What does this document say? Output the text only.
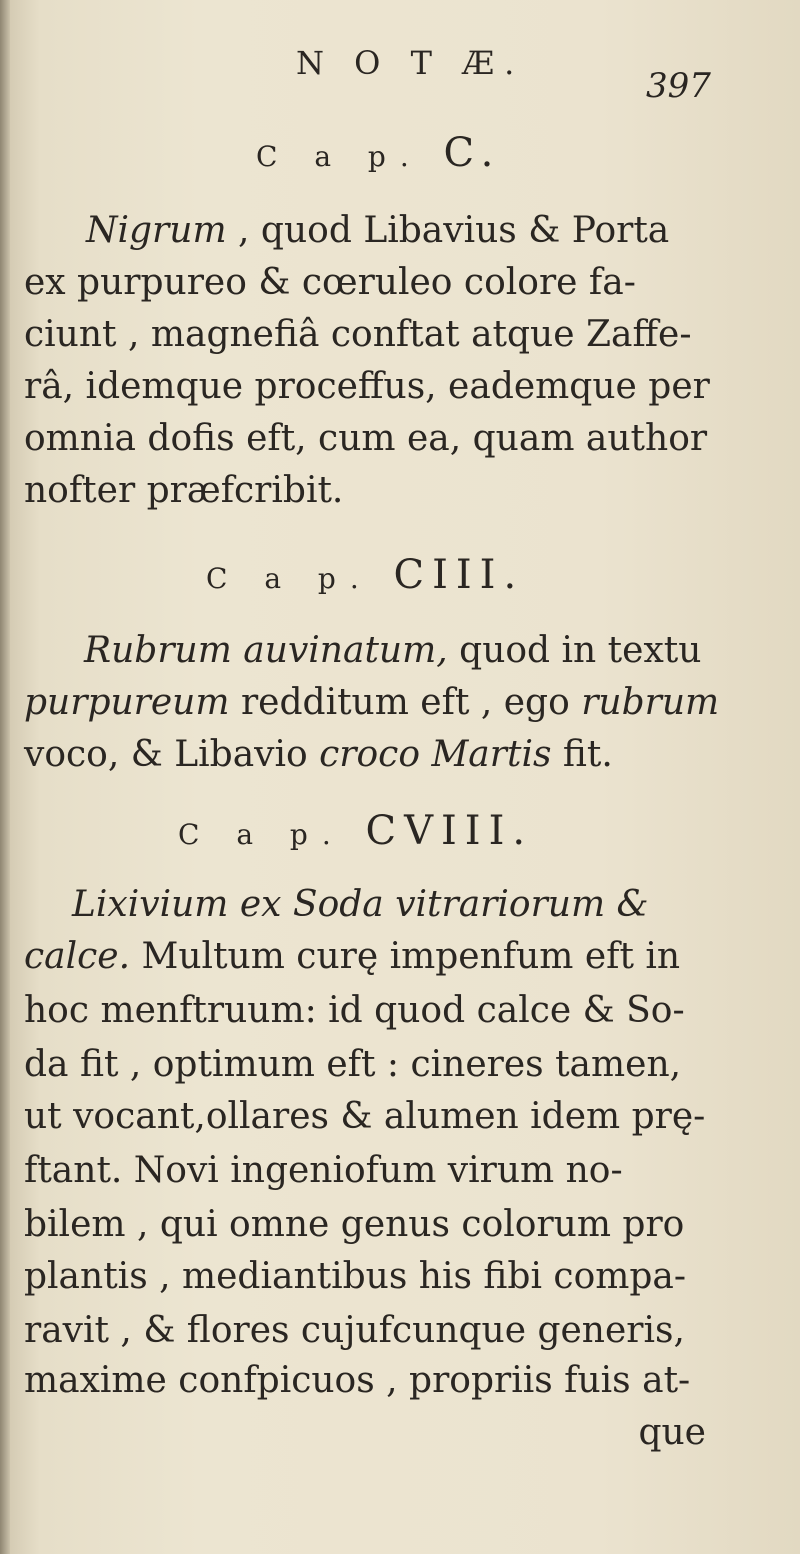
N O T Æ.
397
C a p. C.
Nigrum , quod Libavius & Porta
ex purpureo & cœruleo colore fa-
ciunt , magnefiâ conftat atque Zaffe-
râ, idemque proceffus, eademque per
omnia dofis eft, cum ea, quam author
nofter præfcribit.
C a p. CIII.
Rubrum auvinatum, quod in textu
purpureum redditum eft , ego rubrum
voco, & Libavio croco Martis fit.
C a p. CVIII.
Lixivium ex Soda vitrariorum &
calce. Multum curę impenfum eft in
hoc menftruum: id quod calce & So-
da fit , optimum eft : cineres tamen,
ut vocant,ollares & alumen idem prę-
ftant. Novi ingeniofum virum no-
bilem , qui omne genus colorum pro
plantis , mediantibus his fibi compa-
ravit , & flores cujufcunque generis,
maxime confpicuos , propriis fuis at-
que
